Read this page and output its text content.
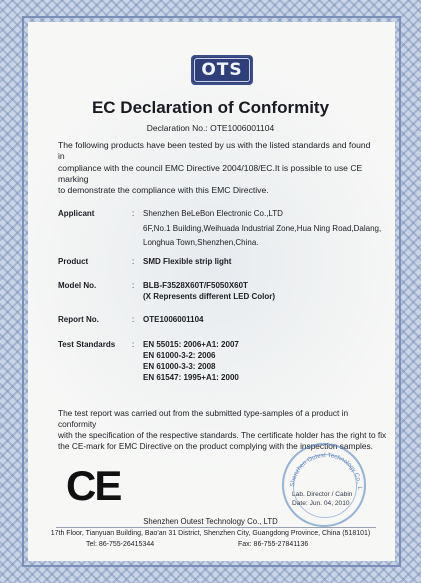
OTS
EC Declaration of Conformity
Declaration No.: OTE1006001104
The following products have been tested by us with the listed standards and found in
compliance with the council EMC Directive 2004/108/EC.It is possible to use CE marking
to demonstrate the compliance with this EMC Directive.
Applicant	: Shenzhen BeLeBon Electronic Co.,LTD
6F,No.1 Building,Weihuada Industrial Zone,Hua Ning Road,Dalang,
Longhua Town,Shenzhen,China.
Product	: SMD Flexible strip light
Model No.	: BLB-F3528X60T/F5050X60T
(X Represents different LED Color)
Report No.	: OTE1006001104
Test Standards : EN 55015: 2006+A1: 2007
EN 61000-3-2: 2006
EN 61000-3-3: 2008
EN 61547: 1995+A1: 2000
The test report was carried out from the submitted type-samples of a product in conformity
with the specification of the respective standards. The certificate holder has the right to fix
the CE-mark for EMC Directive on the product complying with the inspection samples.
CE	Shenzhen Outest Technology Co., L
Lab. Director / Cabin
Date: Jun. 04, 2010
Shenzhen Outest Technology Co., LTD
17th Floor, Tianyuan Building, Bao'an 31 District, Shenzhen City, Guangdong Province, China (518101)
Tel: 86-755-26415344	Fax: 86-755-27841136
